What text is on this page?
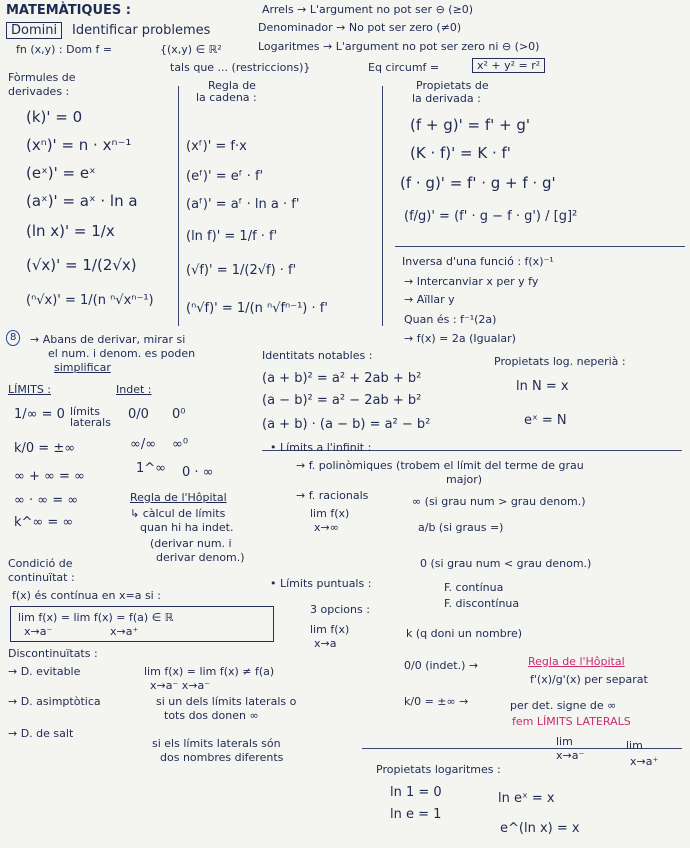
MATEMÀTIQUES :
Domini	Identificar problemes
fn (x,y) : Dom f =	{(x,y) ∈ ℝ²
tals que ... (restriccions)}
Arrels → L'argument no pot ser ⊖ (≥0)
Denominador → No pot ser zero (≠0)
Logaritmes → L'argument no pot ser zero ni ⊖ (>0)
Eq circumf =	x² + y² = r²
Fòrmules de
derivades :
(k)' = 0
(xⁿ)' = n · xⁿ⁻¹
(eˣ)' = eˣ
(aˣ)' = aˣ · ln a
(ln x)' = 1/x
(√x)' = 1/(2√x)
(ⁿ√x)' = 1/(n ⁿ√xⁿ⁻¹)
Regla de
la cadena :
(xᶠ)' = f·x
(eᶠ)' = eᶠ · f'
(aᶠ)' = aᶠ · ln a · f'
(ln f)' = 1/f · f'
(√f)' = 1/(2√f) · f'
(ⁿ√f)' = 1/(n ⁿ√fⁿ⁻¹) · f'
Propietats de
la derivada :
(f + g)' = f' + g'
(K · f)' = K · f'
(f · g)' = f' · g + f · g'
(f/g)' = (f' · g − f · g') / [g]²
Inversa d'una funció : f(x)⁻¹
→ Intercanviar x per y fy
→ Aïllar y
Quan és : f⁻¹(2a)
→ f(x) = 2a (Igualar)
8	→ Abans de derivar, mirar si
el num. i denom. es poden
simplificar
Identitats notables :
(a + b)² = a² + 2ab + b²
(a − b)² = a² − 2ab + b²
(a + b) · (a − b) = a² − b²
Propietats log. neperià :
ln N = x
eˣ = N
LÍMITS :	Indet :
límits laterals
1/∞ = 0
k/0 = ±∞
∞ + ∞ = ∞
∞ · ∞ = ∞
k^∞ = ∞
0/0 0⁰
∞/∞ ∞⁰
1^∞ 0 · ∞
Regla de l'Hôpital
↳ càlcul de límits
quan hi ha indet.
(derivar num. i
derivar denom.)
• Límits a l'infinit :
→ f. polinòmiques (trobem el límit del terme de grau
major)
→ f. racionals
lim f(x)
x→∞
∞ (si grau num > grau denom.)
a/b (si graus =)
0 (si grau num < grau denom.)
Condició de
continuïtat :
f(x) és contínua en x=a si :
lim f(x) = lim f(x) = f(a) ∈ ℝ
x→a⁻	x→a⁺
• Límits puntuals :	F. contínua
F. discontínua
3 opcions :
lim f(x)
x→a
k (q doni un nombre)
0/0 (indet.) →	Regla de l'Hôpital
f'(x)/g'(x) per separat
k/0 = ±∞ →	per det. signe de ∞
fem LÍMITS LATERALS
lim
x→a⁻
lim
x→a⁺
Discontinuïtats :
→ D. evitable	lim f(x) = lim f(x) ≠ f(a)
x→a⁻ x→a⁻
→ D. asimptòtica	si un dels límits laterals o
tots dos donen ∞
→ D. de salt
si els límits laterals són
dos nombres diferents
Propietats logaritmes :
ln 1 = 0
ln e = 1
ln eˣ = x
e^(ln x) = x
